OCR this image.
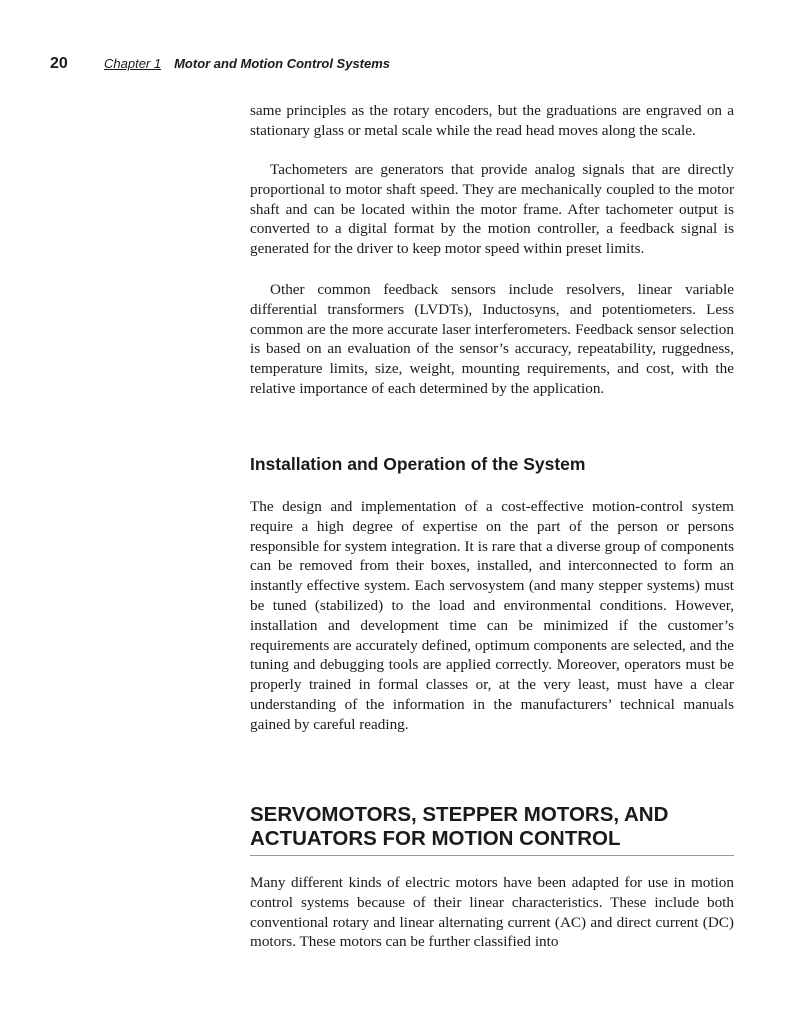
20	Chapter 1 Motor and Motion Control Systems

same principles as the rotary encoders, but the graduations are engraved on a stationary glass or metal scale while the read head moves along the scale.

Tachometers are generators that provide analog signals that are directly proportional to motor shaft speed. They are mechanically coupled to the motor shaft and can be located within the motor frame. After tachometer output is converted to a digital format by the motion controller, a feedback signal is generated for the driver to keep motor speed within preset limits.

Other common feedback sensors include resolvers, linear variable differential transformers (LVDTs), Inductosyns, and potentiometers. Less common are the more accurate laser interferometers. Feedback sensor selection is based on an evaluation of the sensor’s accuracy, repeatability, ruggedness, temperature limits, size, weight, mounting requirements, and cost, with the relative importance of each determined by the application.

Installation and Operation of the System

The design and implementation of a cost-effective motion-control system require a high degree of expertise on the part of the person or persons responsible for system integration. It is rare that a diverse group of components can be removed from their boxes, installed, and interconnected to form an instantly effective system. Each servosystem (and many stepper systems) must be tuned (stabilized) to the load and environmental conditions. However, installation and development time can be minimized if the customer’s requirements are accurately defined, optimum components are selected, and the tuning and debugging tools are applied correctly. Moreover, operators must be properly trained in formal classes or, at the very least, must have a clear understanding of the information in the manufacturers’ technical manuals gained by careful reading.

SERVOMOTORS, STEPPER MOTORS, AND
ACTUATORS FOR MOTION CONTROL

Many different kinds of electric motors have been adapted for use in motion control systems because of their linear characteristics. These include both conventional rotary and linear alternating current (AC) and direct current (DC) motors. These motors can be further classified into
